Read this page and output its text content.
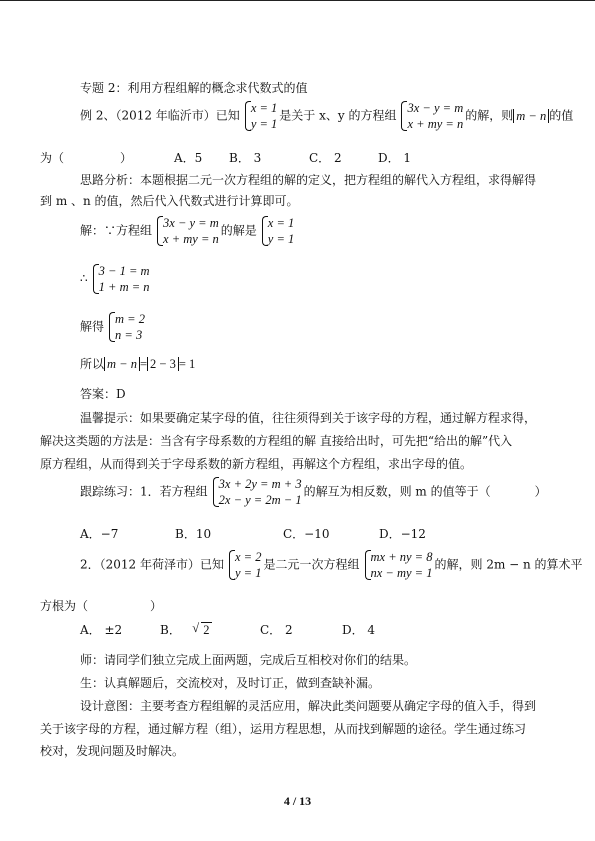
专题 2：利用方程组解的概念求代数式的值
例 2、（2012 年临沂市）已知
x = 1
y = 1
是关于 x、y 的方程组
3x − y = m
x + my = n
的解，则 m − n 的值
为（	）	A．5 B． 3	C． 2	D． 1
思路分析：本题根据二元一次方程组的解的定义，把方程组的解代入方程组，求得解得
到 m 、n 的值，然后代入代数式进行计算即可。
解：∵方程组
3x − y = m
x + my = n
的解是
x = 1
y = 1
∴
3 − 1 = m
1 + m = n
解得
m = 2
n = 3
所以 m − n = 2 − 3 = 1
答案：D
温馨提示：如果要确定某字母的值，往往须得到关于该字母的方程，通过解方程求得，
解决这类题的方法是：当含有字母系数的方程组的解 直接给出时，可先把“给出的解”代入
原方程组，从而得到关于字母系数的新方程组，再解这个方程组，求出字母的值。
跟踪练习：1．若方程组
3x + 2y = m + 3
2x − y = 2m − 1
的解互为相反数，则 m 的值等于（	）
A．−7	B．10	C．−10	D．−12
2．（2012 年荷泽市）已知
x = 2
y = 1
是二元一次方程组
mx + ny = 8
nx − my = 1
的解，则 2m − n 的算术平
方根为（	）
A． ±2	B．   √ 2	C． 2	D． 4
师：请同学们独立完成上面两题，完成后互相校对你们的结果。
生：认真解题后，交流校对，及时订正，做到查缺补漏。
设计意图：主要考查方程组解的灵活应用，解决此类问题要从确定字母的值入手，得到
关于该字母的方程，通过解方程（组），运用方程思想，从而找到解题的途径。学生通过练习
校对，发现问题及时解决。
4 / 13
